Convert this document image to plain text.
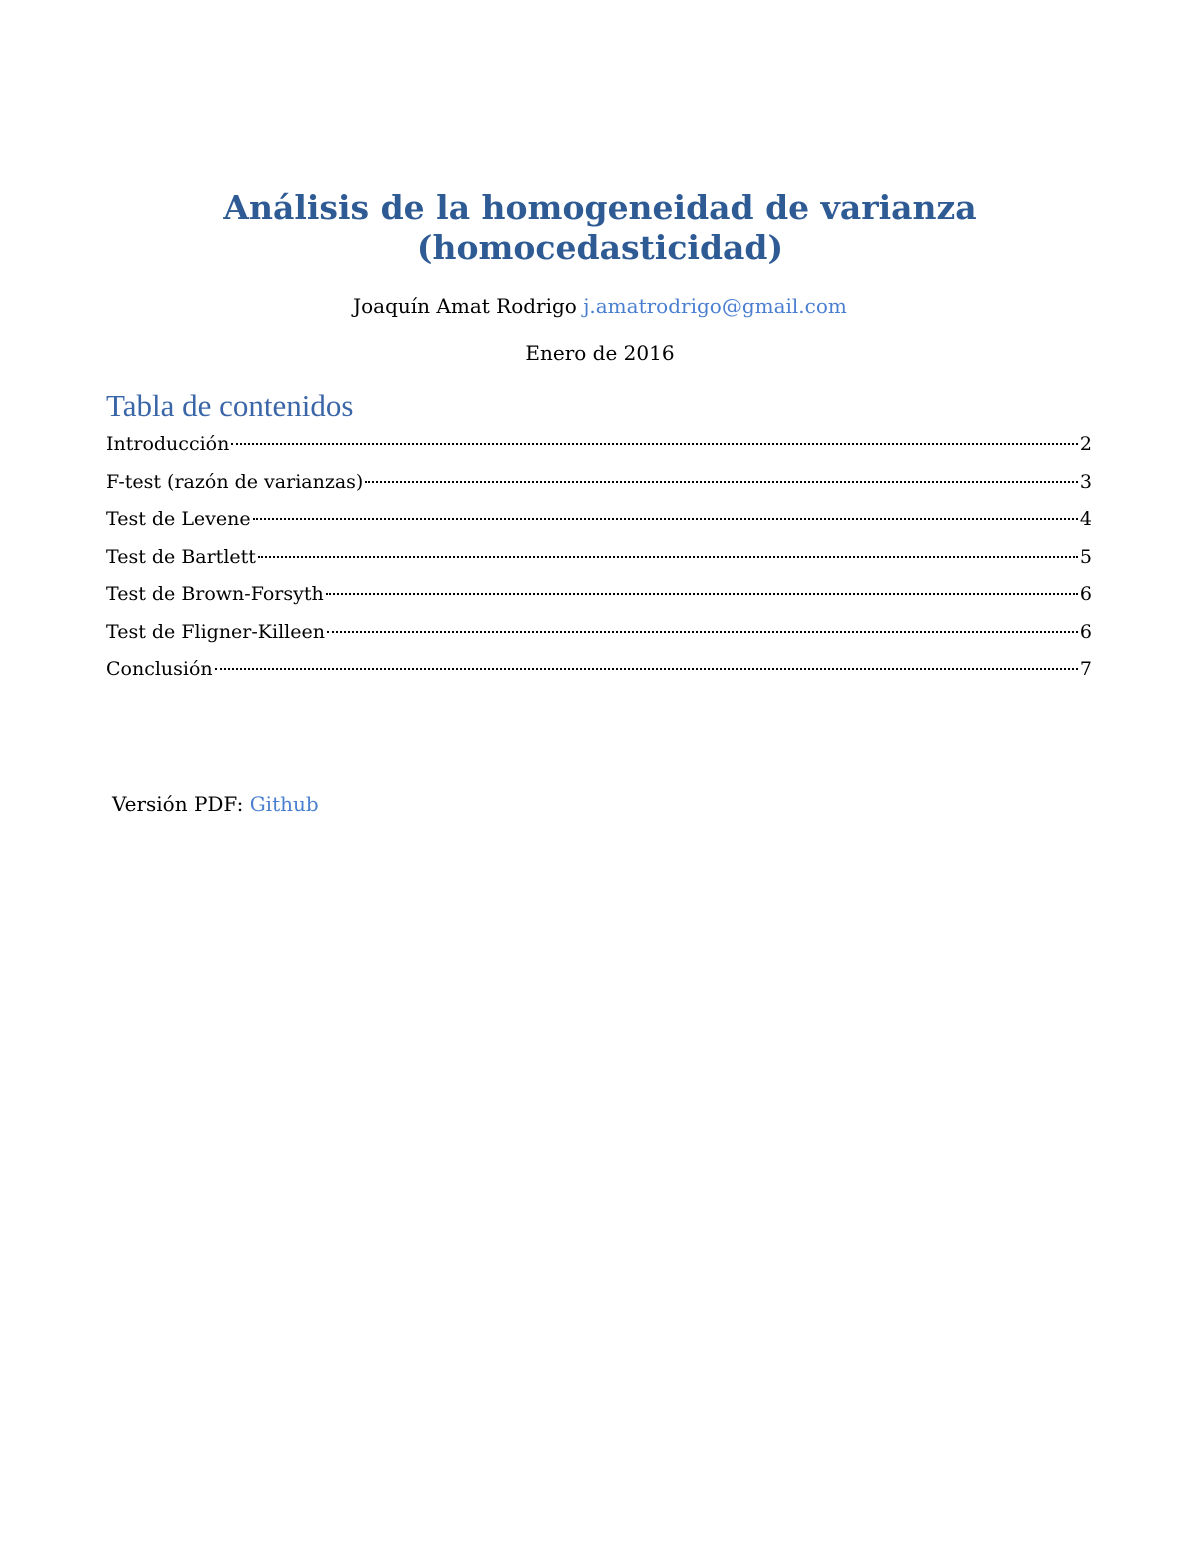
Análisis de la homogeneidad de varianza
(homocedasticidad)
Joaquín Amat Rodrigo j.amatrodrigo@gmail.com
Enero de 2016
Tabla de contenidos
Introducción	2
F-test (razón de varianzas)	3
Test de Levene	4
Test de Bartlett	5
Test de Brown-Forsyth	6
Test de Fligner-Killeen	6
Conclusión	7
Versión PDF: Github
